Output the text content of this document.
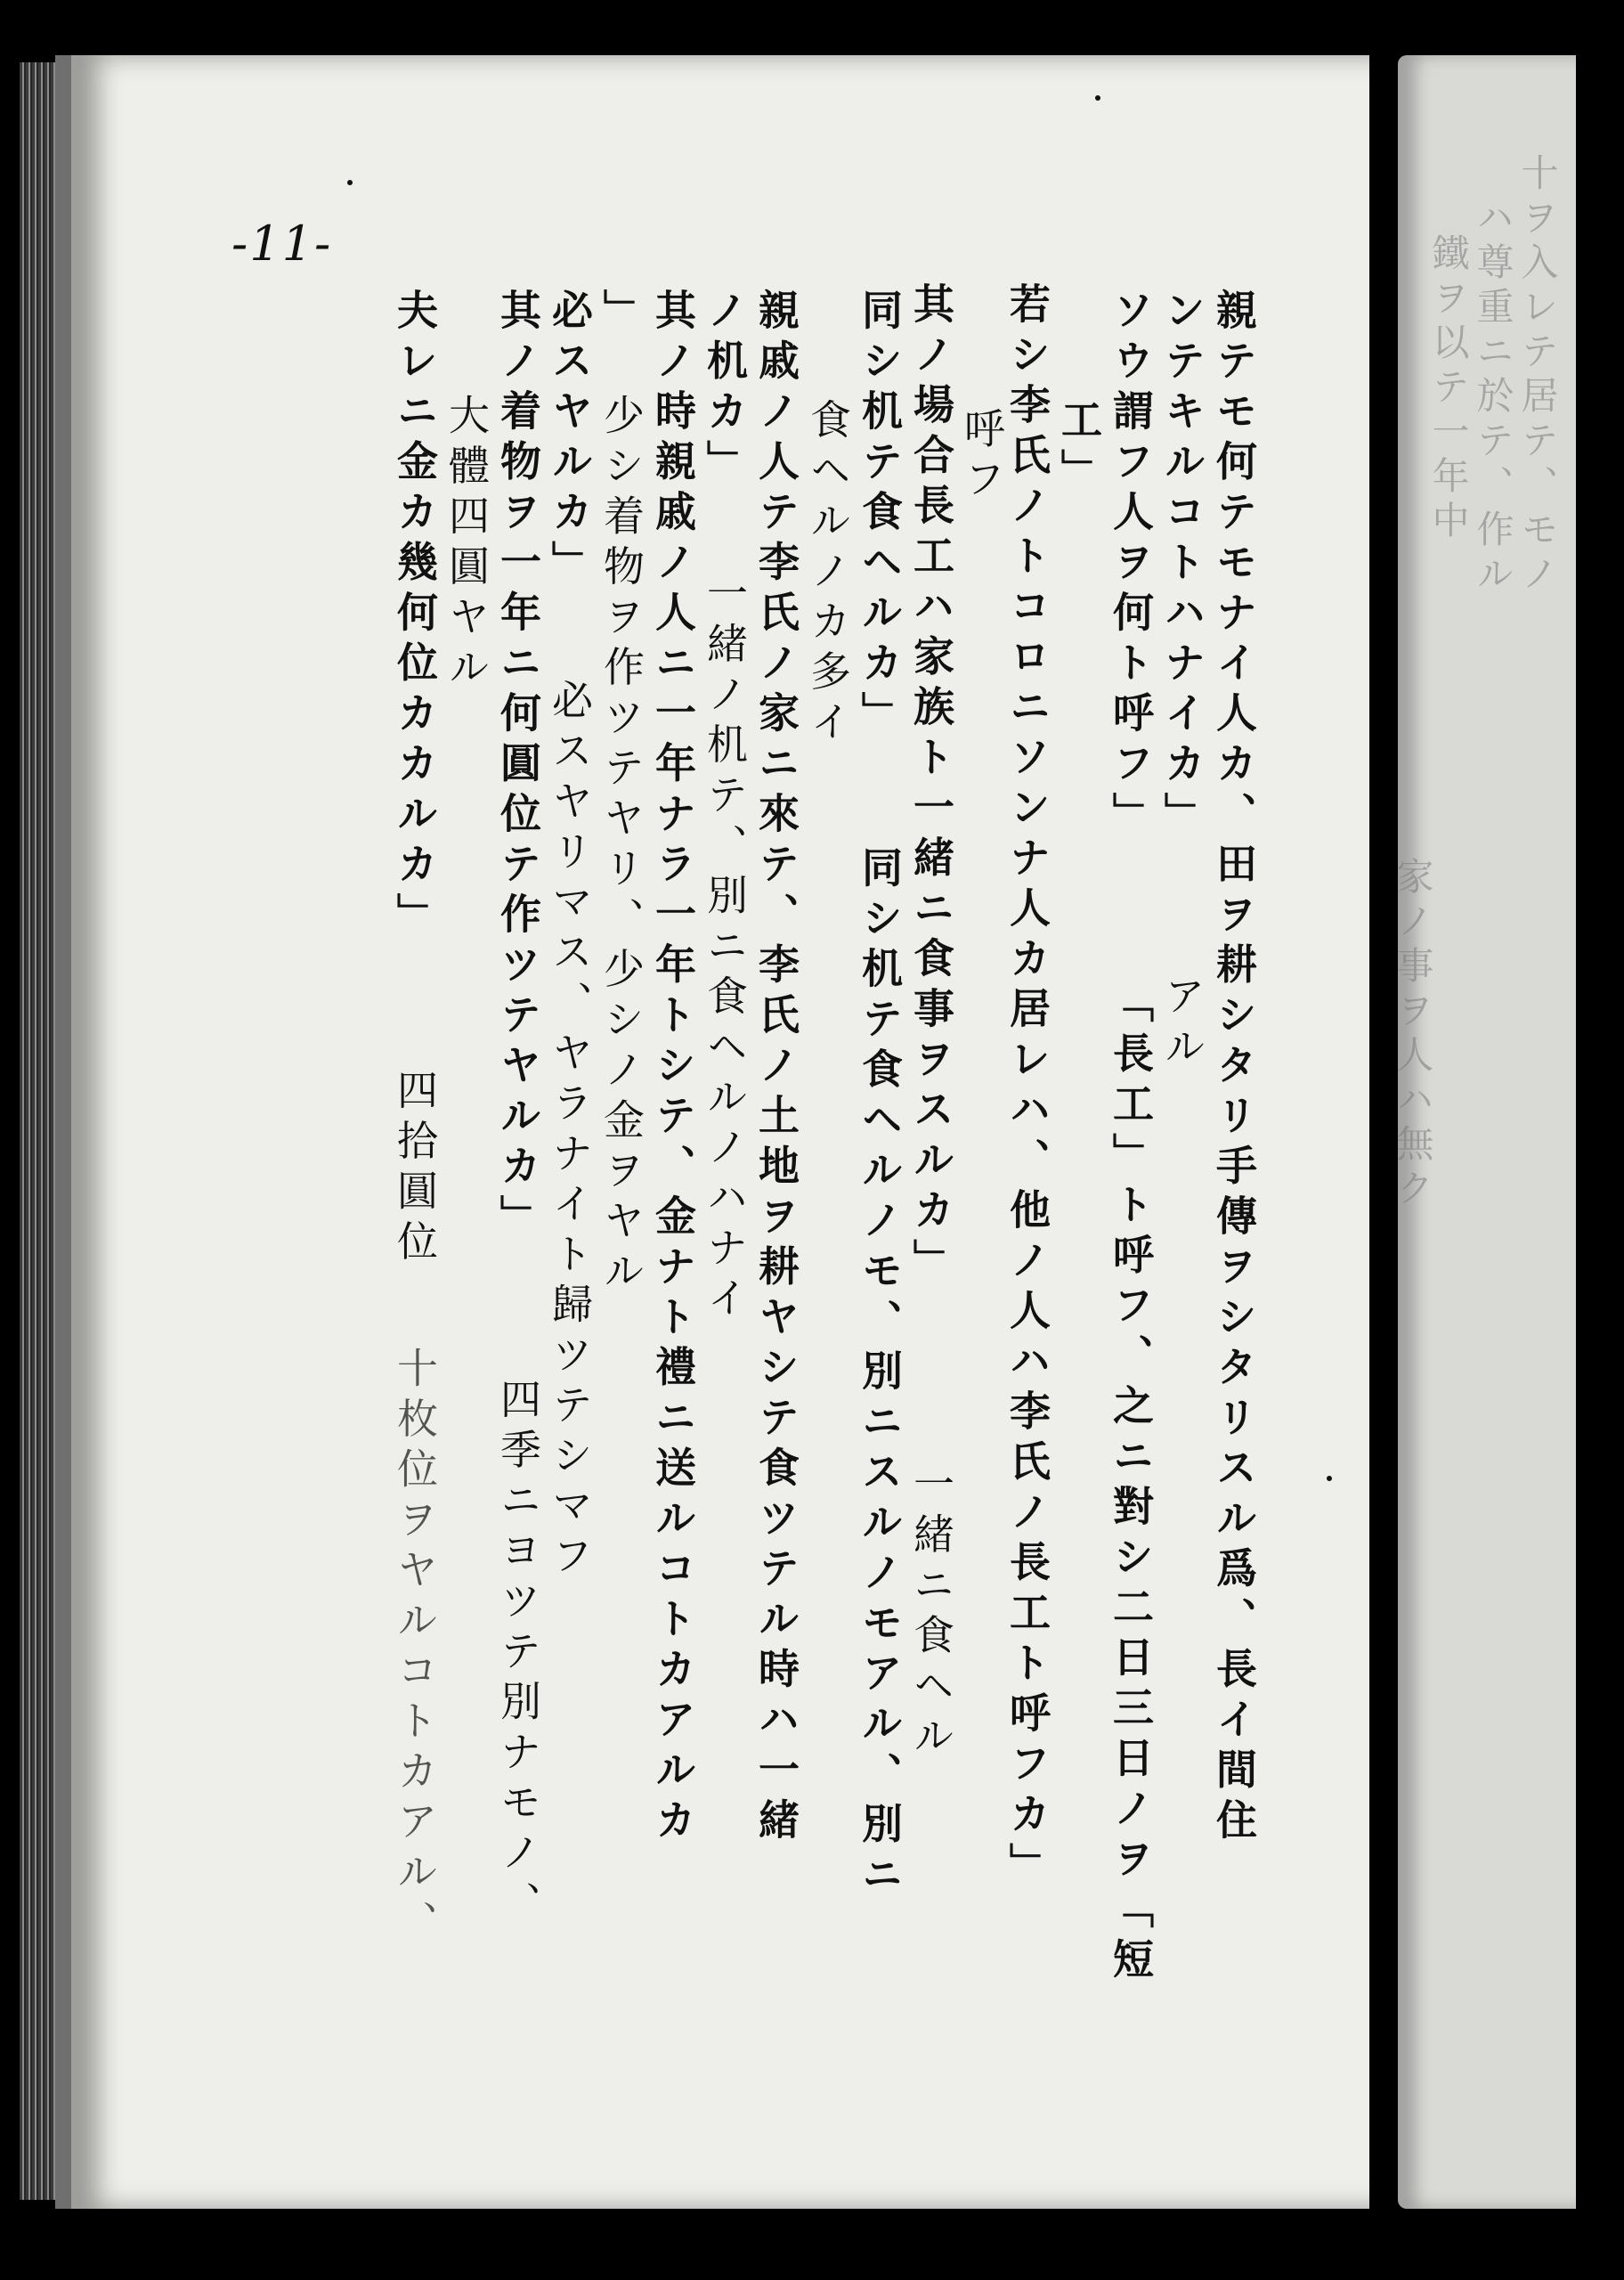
十ヲ入レテ居テ、モノ
ハ尊重ニ於テ、作ル
鐵ヲ以テ一年中
家ノ事ヲ人ハ無ク
-11-
親テモ何テモナイ人カ、田ヲ耕シタリ手傳ヲシタリスル爲、長イ間住
ンテキルコトハナイカ」
アル
ソウ謂フ人ヲ何ト呼フ」
「長工」ト呼フ、之ニ對シ二日三日ノヲ「短
工」
若シ李氏ノトコロニソンナ人カ居レハ、他ノ人ハ李氏ノ長工ト呼フカ」
呼フ
其ノ場合長工ハ家族ト一緒ニ食事ヲスルカ」
一緒ニ食ヘル
同シ机テ食ヘルカ」
同シ机テ食ヘルノモ、別ニスルノモアル、別ニ
食ヘルノカ多イ
親戚ノ人テ李氏ノ家ニ來テ、李氏ノ土地ヲ耕ヤシテ食ツテル時ハ一緒
ノ机カ」
一緒ノ机テ、別ニ食ヘルノハナイ
其ノ時親戚ノ人ニ一年ナラ一年トシテ、金ナト禮ニ送ルコトカアルカ
」
少シ着物ヲ作ツテヤリ、少シノ金ヲヤル
必スヤルカ」
必スヤリマス、ヤラナイト歸ツテシマフ
其ノ着物ヲ一年ニ何圓位テ作ツテヤルカ」
四季ニヨツテ別ナモノ、
大體四圓ヤル
夫レニ金カ幾何位カカルカ」
四拾圓位
十枚位ヲヤルコトカアル、
